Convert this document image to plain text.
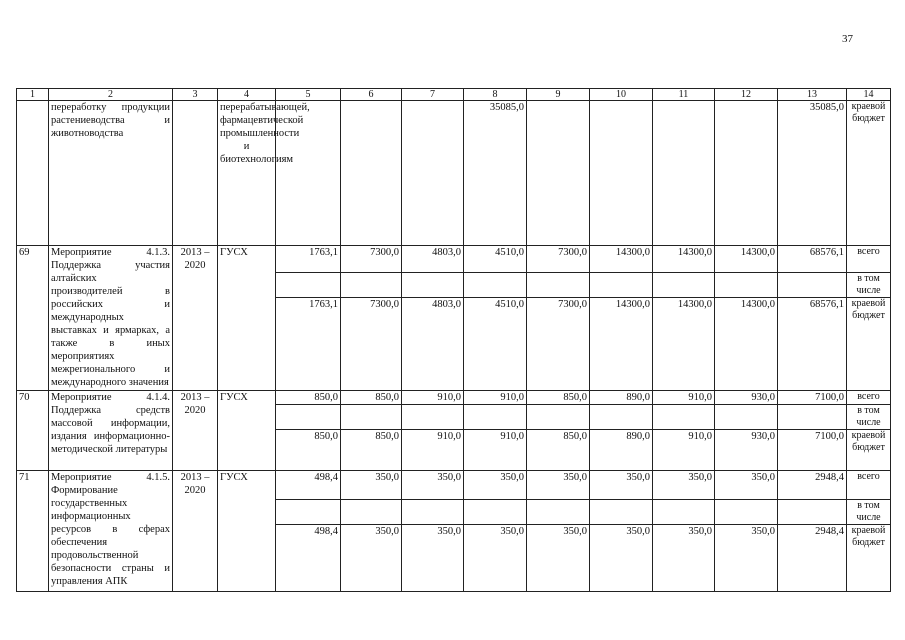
37
1	2	3	4	5	6	7	8	9	10	11	12	13	14
	переработку продукции растениеводства и животноводства		перерабатывающей, фармацевтической промышленности и биотехнологиям				35085,0					35085,0	краевой бюджет
69	Мероприятие 4.1.3. Поддержка участия алтайских производителей в российских и международных выставках и ярмарках, а также в иных мероприятиях межрегионального и международного значения	2013 – 2020	ГУСХ	1763,1	7300,0	4803,0	4510,0	7300,0	14300,0	14300,0	14300,0	68576,1	всего
													в том числе
				1763,1	7300,0	4803,0	4510,0	7300,0	14300,0	14300,0	14300,0	68576,1	краевой бюджет
70	Мероприятие 4.1.4. Поддержка средств массовой информации, издания информационно-методической литературы	2013 – 2020	ГУСХ	850,0	850,0	910,0	910,0	850,0	890,0	910,0	930,0	7100,0	всего
													в том числе
				850,0	850,0	910,0	910,0	850,0	890,0	910,0	930,0	7100,0	краевой бюджет
71	Мероприятие 4.1.5. Формирование государственных информационных ресурсов в сферах обеспечения продовольственной безопасности страны и управления АПК	2013 – 2020	ГУСХ	498,4	350,0	350,0	350,0	350,0	350,0	350,0	350,0	2948,4	всего
													в том числе
				498,4	350,0	350,0	350,0	350,0	350,0	350,0	350,0	2948,4	краевой бюджет
